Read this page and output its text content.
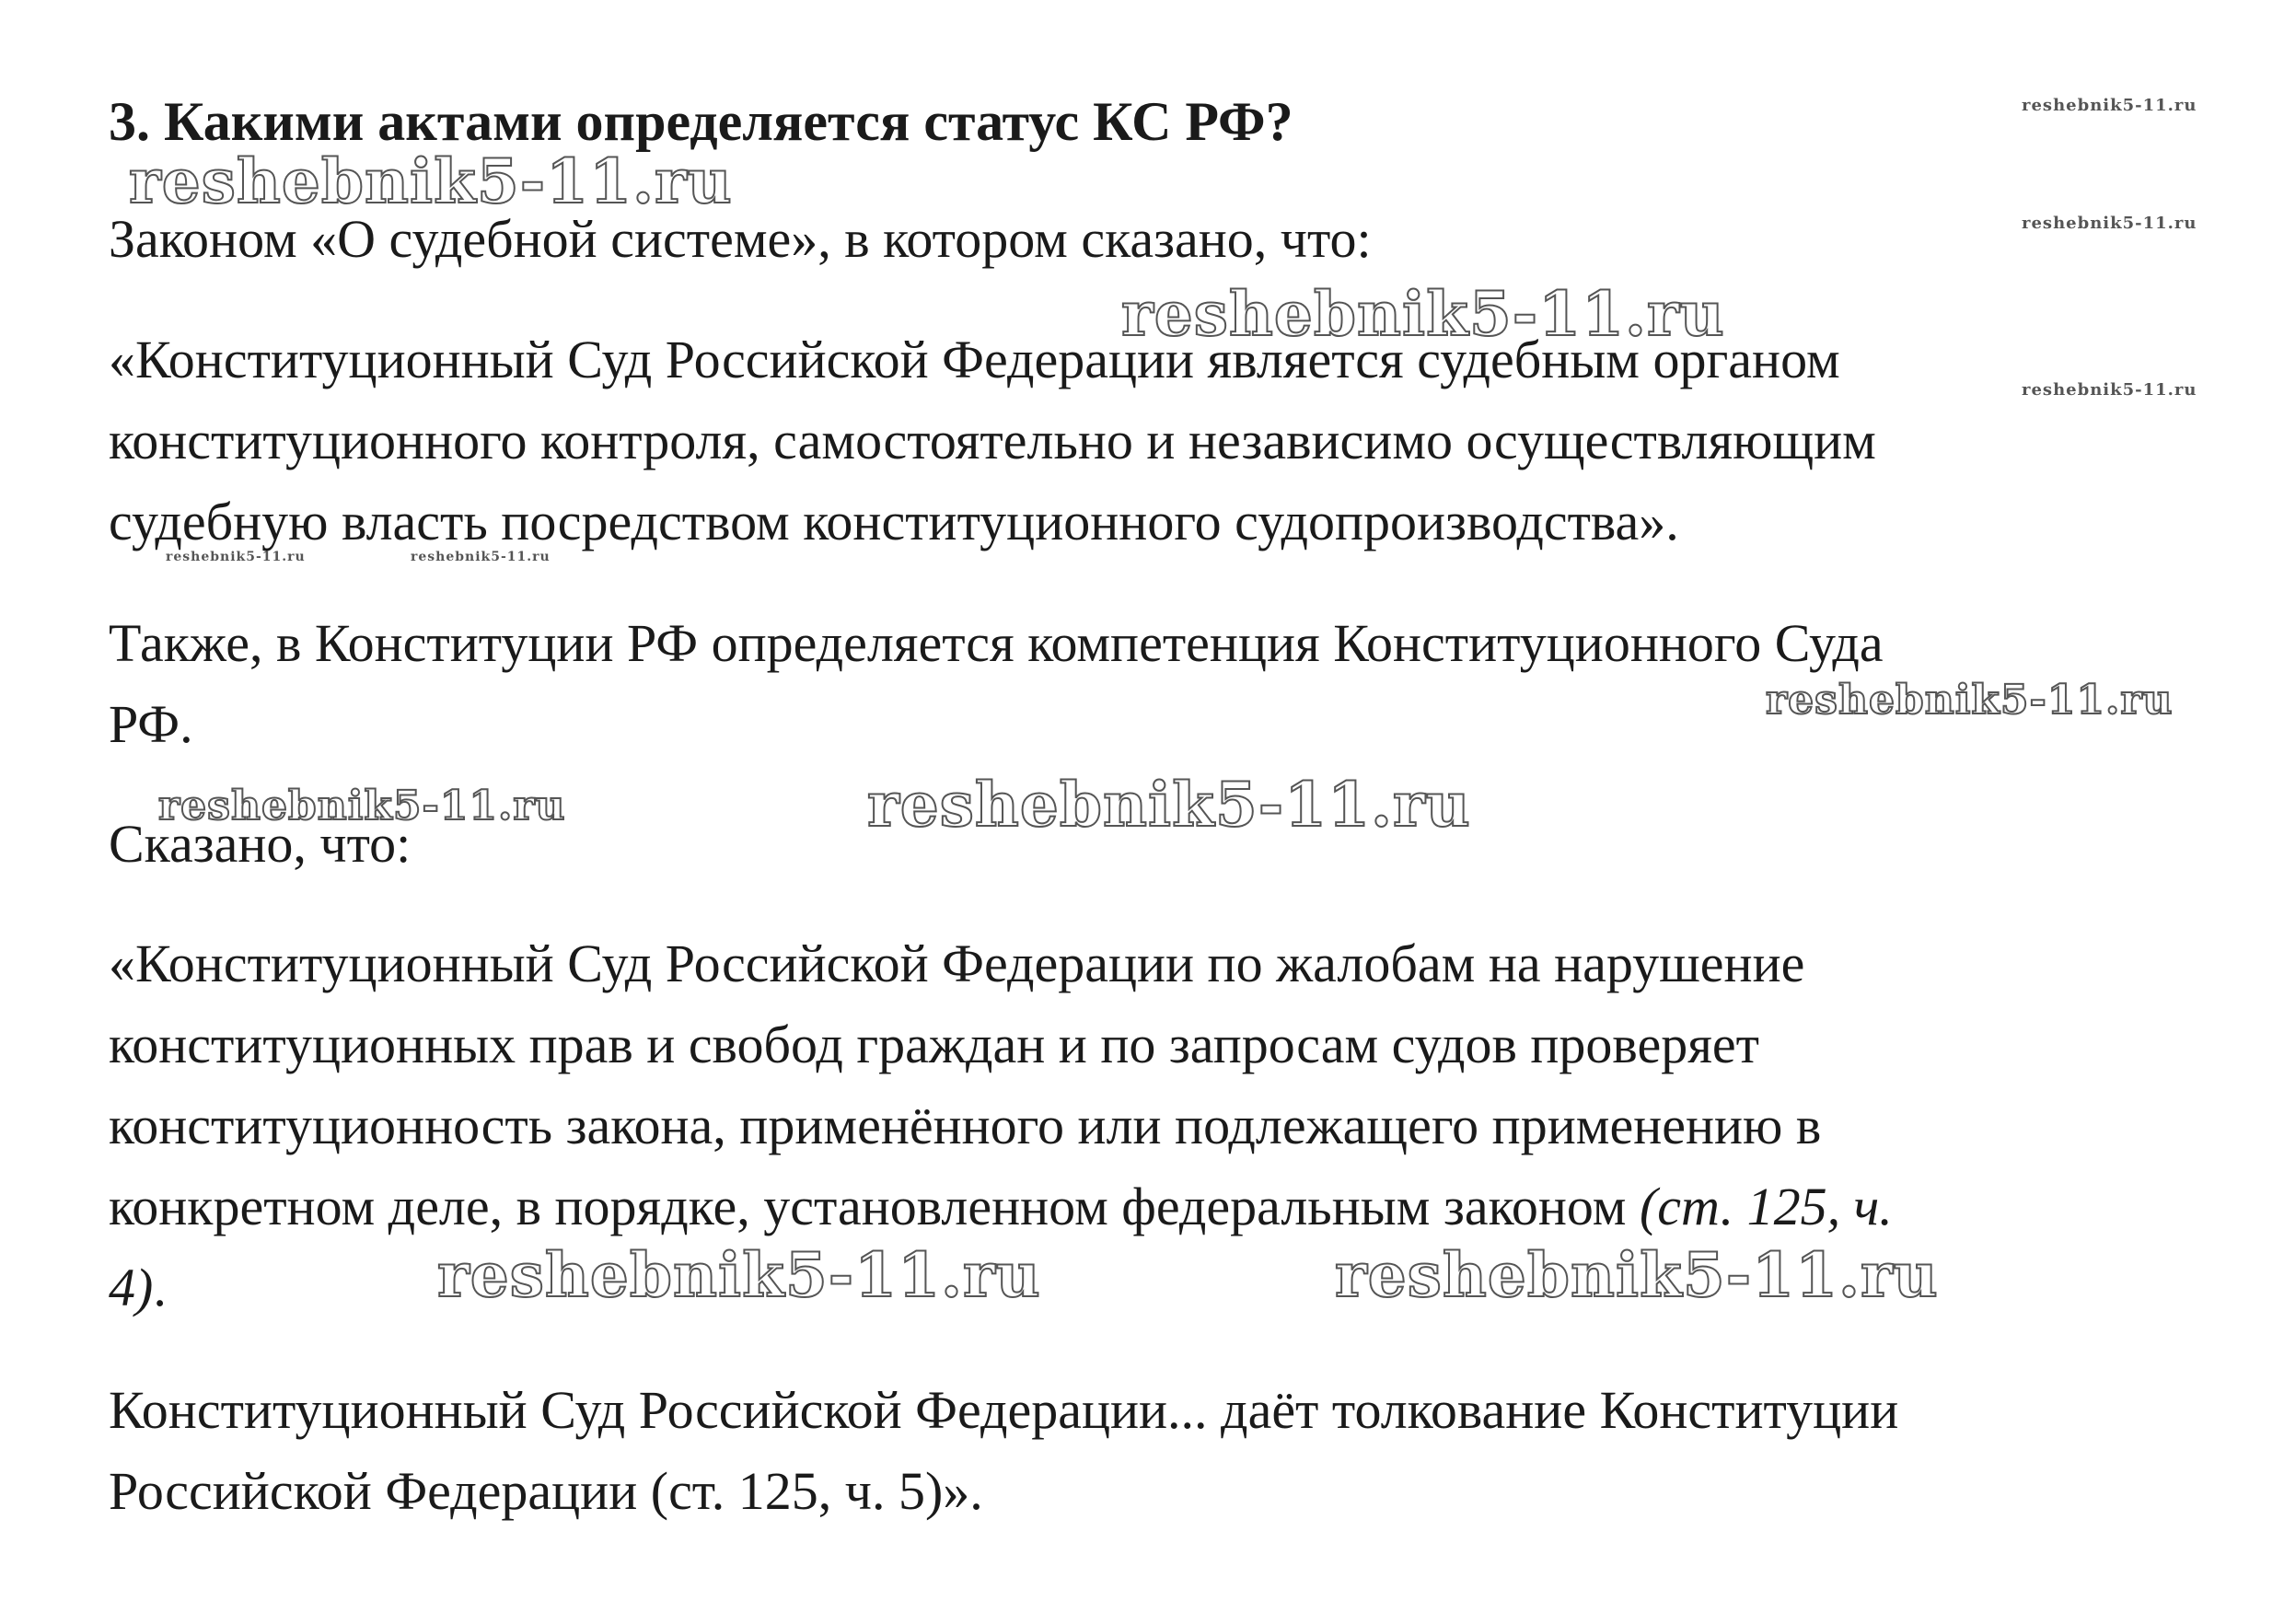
3. Какими актами определяется статус КС РФ?

Законом «О судебной системе», в котором сказано, что:

«Конституционный Суд Российской Федерации является судебным органом
конституционного контроля, самостоятельно и независимо осуществляющим
судебную власть посредством конституционного судопроизводства».

Также, в Конституции РФ определяется компетенция Конституционного Суда
РФ.

Сказано, что:

«Конституционный Суд Российской Федерации по жалобам на нарушение
конституционных прав и свобод граждан и по запросам судов проверяет
конституционность закона, применённого или подлежащего применению в
конкретном деле, в порядке, установленном федеральным законом (ст. 125, ч.
4).

Конституционный Суд Российской Федерации... даёт толкование Конституции
Российской Федерации (ст. 125, ч. 5)».

reshebnik5-11.ru
reshebnik5-11.ru
reshebnik5-11.ru
reshebnik5-11.ru	reshebnik5-11.ru
reshebnik5-11.ru	reshebnik5-11.ru
reshebnik5-11.ru
reshebnik5-11.ru
reshebnik5-11.ru
reshebnik5-11.ru	reshebnik5-11.ru
